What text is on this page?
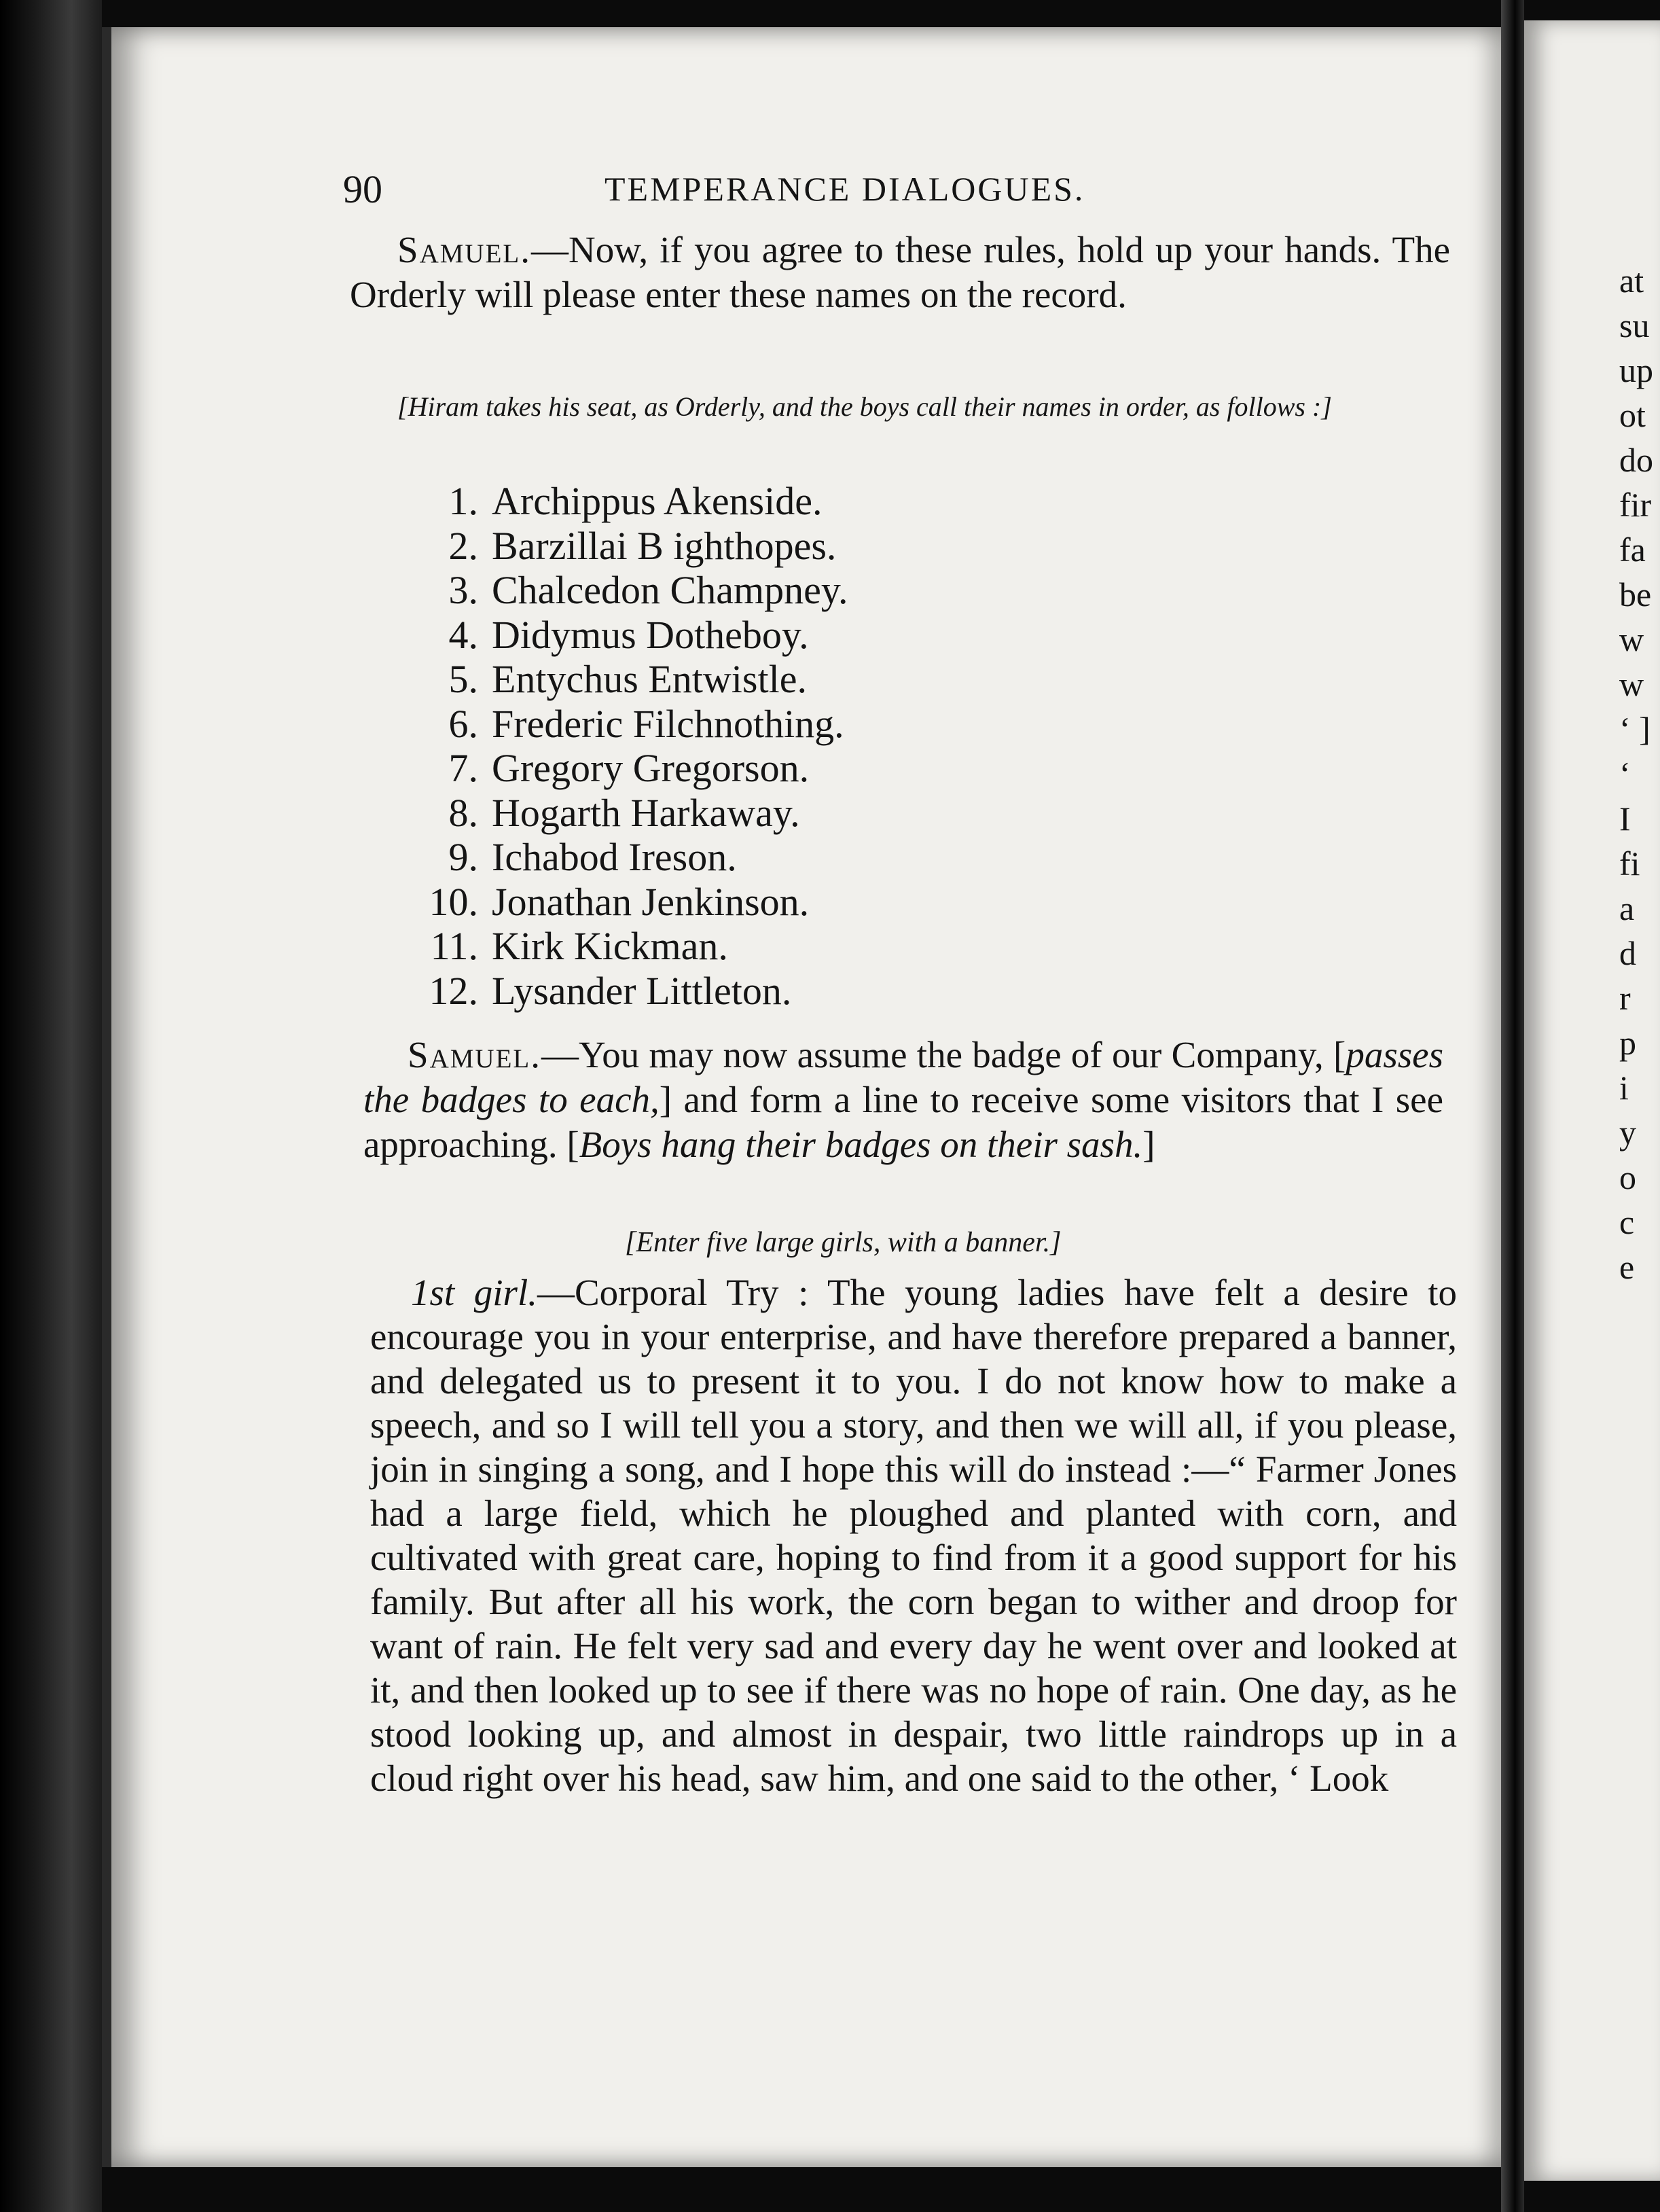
90	TEMPERANCE DIALOGUES.

Samuel.—Now, if you agree to these rules, hold up your hands. The Orderly will please enter these names on the record.

[Hiram takes his seat, as Orderly, and the boys call their names in order, as follows :]

1. Archippus Akenside.
2. Barzillai B ighthopes.
3. Chalcedon Champney.
4. Didymus Dotheboy.
5. Entychus Entwistle.
6. Frederic Filchnothing.
7. Gregory Gregorson.
8. Hogarth Harkaway.
9. Ichabod Ireson.
10. Jonathan Jenkinson.
11. Kirk Kickman.
12. Lysander Littleton.

Samuel.—You may now assume the badge of our Company, [passes the badges to each,] and form a line to receive some visitors that I see approaching. [Boys hang their badges on their sash.]

[Enter five large girls, with a banner.]

1st girl.—Corporal Try : The young ladies have felt a desire to encourage you in your enterprise, and have therefore prepared a banner, and delegated us to present it to you. I do not know how to make a speech, and so I will tell you a story, and then we will all, if you please, join in singing a song, and I hope this will do instead :—“ Farmer Jones had a large field, which he ploughed and planted with corn, and cultivated with great care, hoping to find from it a good support for his family. But after all his work, the corn began to wither and droop for want of rain. He felt very sad and every day he went over and looked at it, and then looked up to see if there was no hope of rain. One day, as he stood looking up, and almost in despair, two little raindrops up in a cloud right over his head, saw him, and one said to the other, ‘ Look

at
su
up
ot
do
fir
fa
be
w
w
‘ ]
‘
I
fi
a
d
r
p
i
y
o
c
e
